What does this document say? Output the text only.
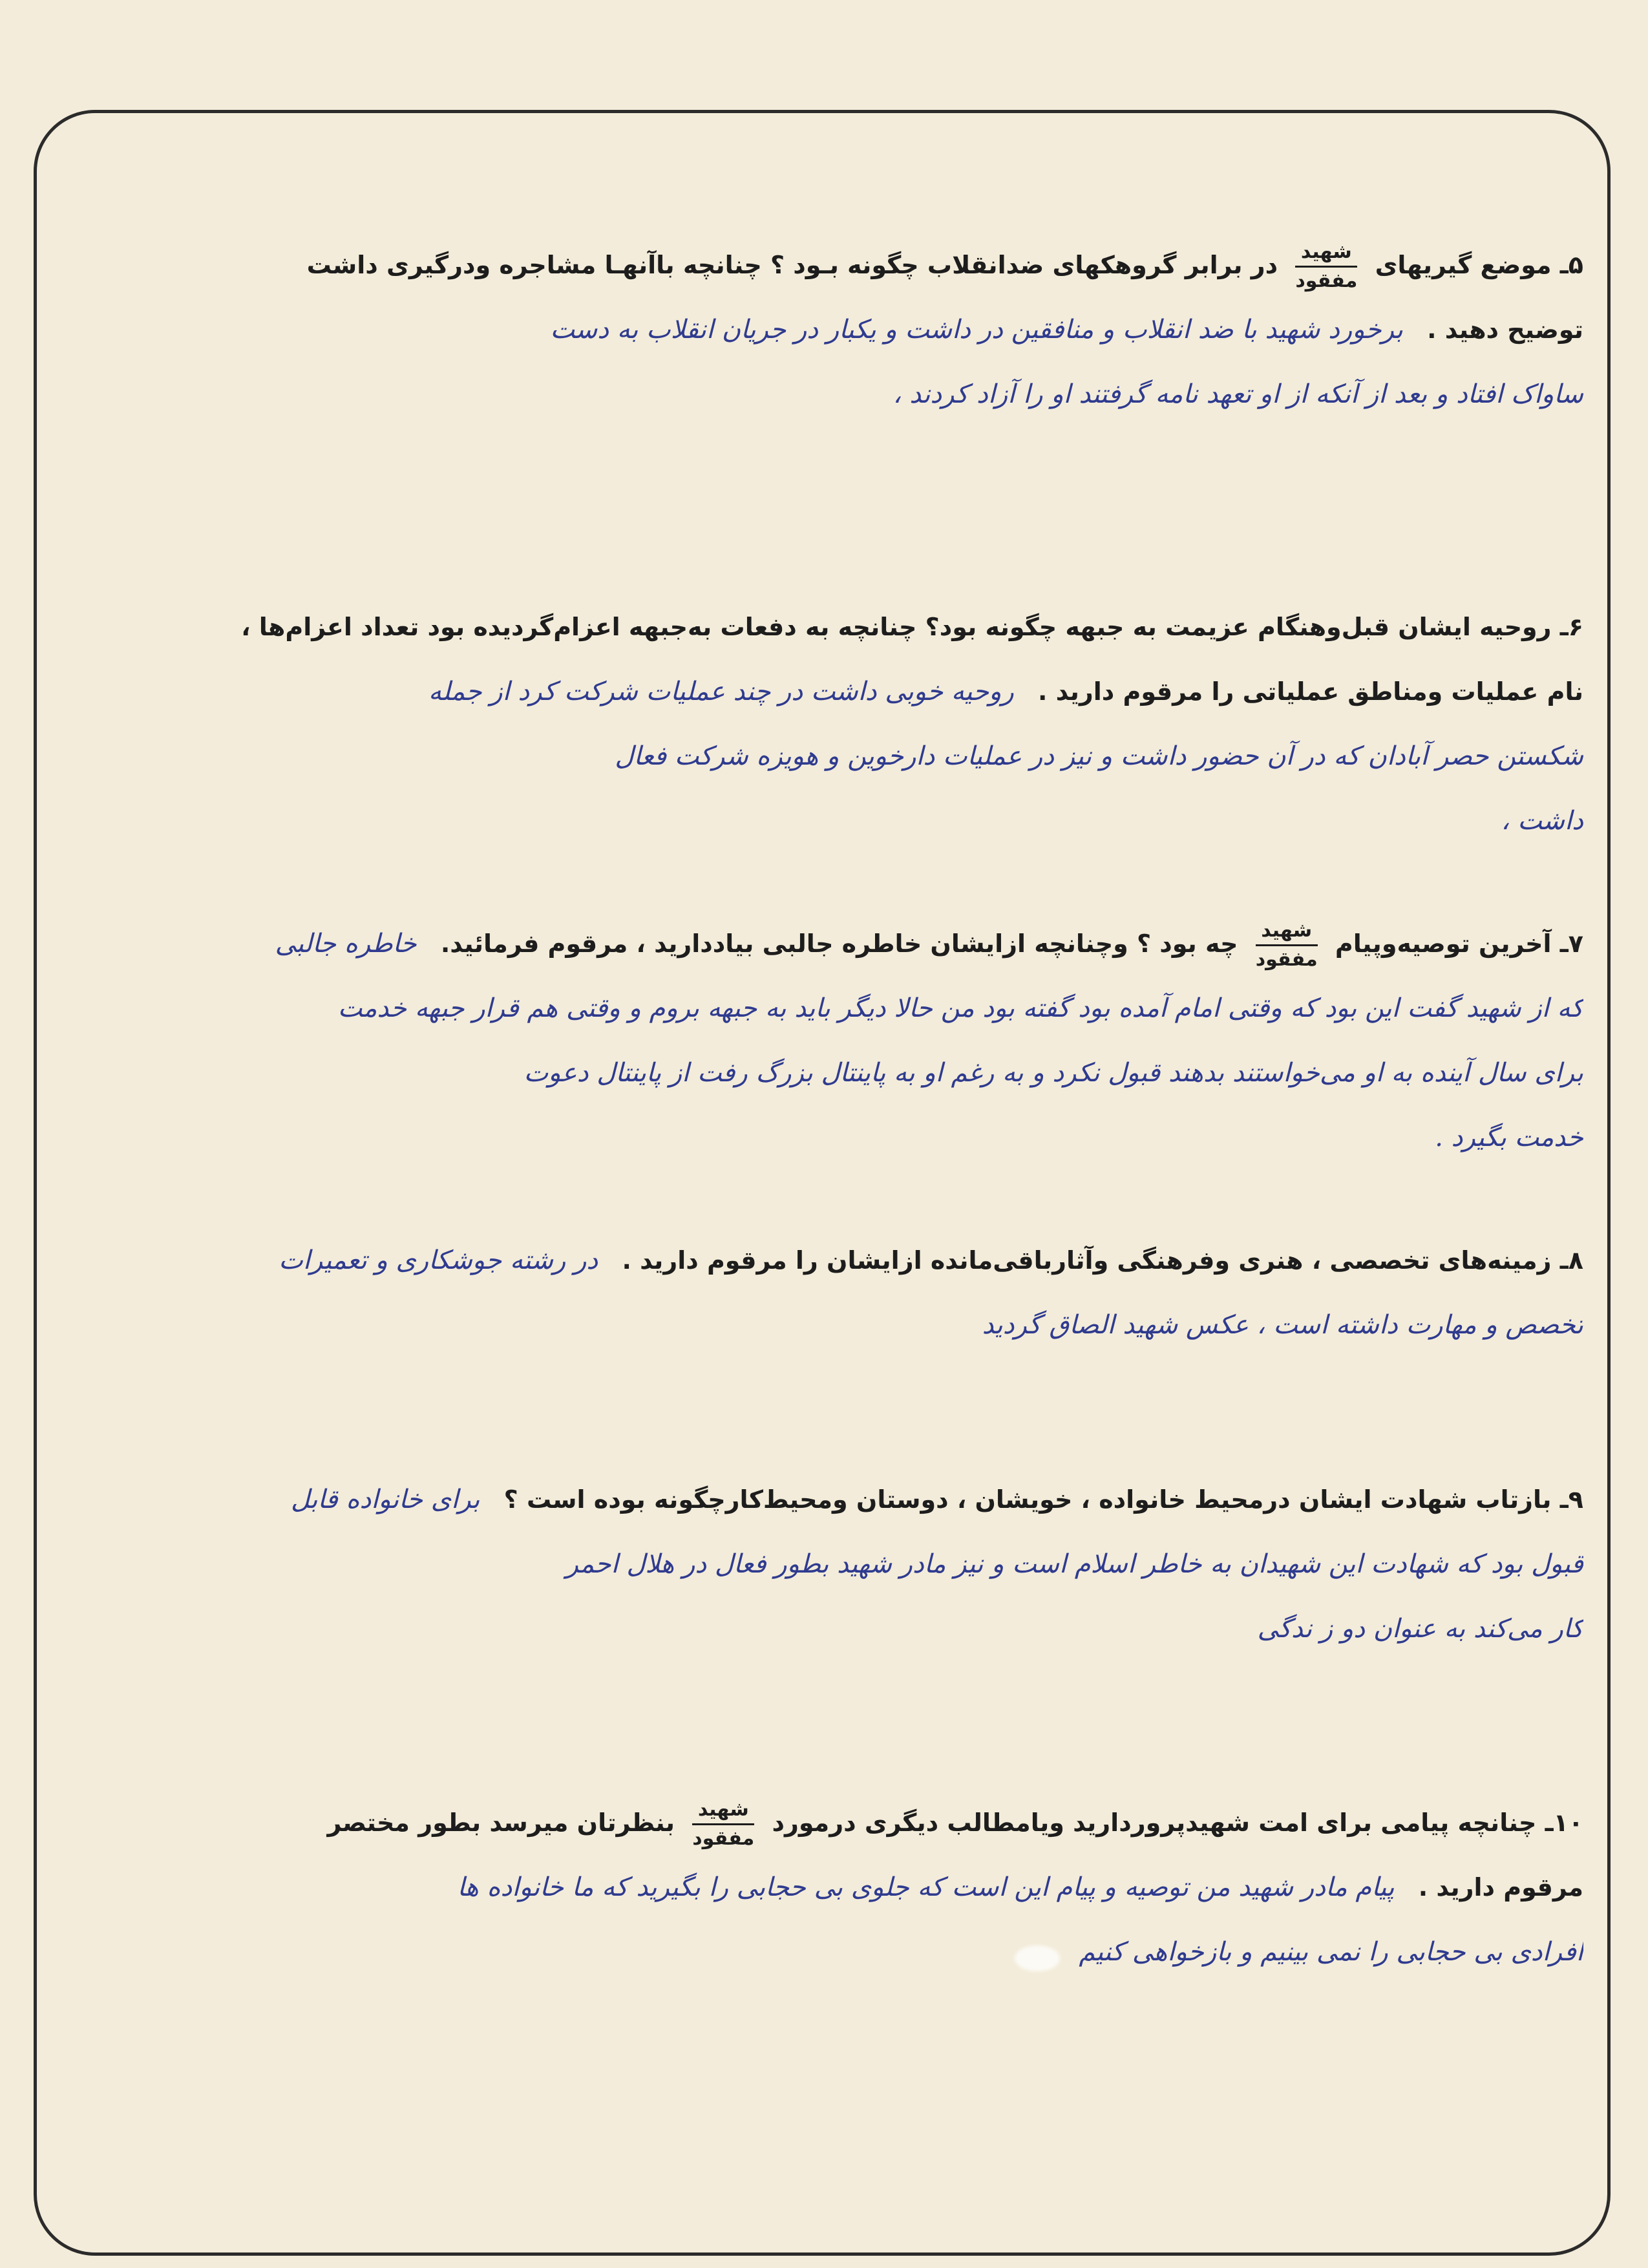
۵ـ موضع گیریهای
$\frac{\text{شهید}}{\text{مفقود}}$
در برابر گروهکهای ضدانقلاب چگونه بـود ؟ چنانچه باآنهـا مشاجره ودرگیری داشت
توضیح دهید . برخورد شهید با ضد انقلاب و منافقین در داشت و یکبار در جریان انقلاب به دست
ساواک افتاد و بعد از آنکه از او تعهد نامه گرفتند او را آزاد کردند ،
۶ـ روحیه ایشان قبل‌وهنگام عزیمت به جبهه چگونه بود؟ چنانچه به دفعات به‌جبهه اعزام‌گردیده بود تعداد اعزام‌ها ،
نام عملیات ومناطق عملیاتی را مرقوم دارید . روحیه خوبی داشت در چند عملیات شرکت کرد از جمله
شکستن حصر آبادان که در آن حضور داشت و نیز در عملیات دارخوین و هویزه شرکت فعال
داشت ،
۷ـ آخرین توصیه‌وپیام
$\frac{\text{شهید}}{\text{مفقود}}$
چه بود ؟ وچنانچه ازایشان خاطره جالبی بیاددارید ، مرقوم فرمائید. خاطره جالبی
که از شهید گفت این بود که وقتی امام آمده بود گفته بود من حالا دیگر باید به جبهه بروم و وقتی هم قرار جبهه خدمت
برای سال آینده به او می‌خواستند بدهند قبول نکرد و به رغم او به پاینتال بزرگ رفت از پاینتال دعوت
خدمت بگیرد .
۸ـ زمینه‌های تخصصی ، هنری وفرهنگی وآثارباقی‌مانده ازایشان را مرقوم دارید . در رشته جوشکاری و تعمیرات
تخصص و مهارت داشته است ، عکس شهید الصاق گردید
۹ـ بازتاب شهادت ایشان درمحیط خانواده ، خویشان ، دوستان ومحیط‌کارچگونه بوده است ؟ برای خانواده قابل
قبول بود که شهادت این شهیدان به خاطر اسلام است و نیز مادر شهید بطور فعال در هلال احمر
کار می‌کند به عنوان دو ز ندگی
۱۰ـ چنانچه پیامی برای امت شهیدپروردارید ویامطالب دیگری درمورد
$\frac{\text{شهید}}{\text{مفقود}}$
بنظرتان میرسد بطور مختصر
مرقوم دارید . پیام مادر شهید من توصیه و پیام این است که جلوی بی حجابی را بگیرید که ما خانواده ها
افرادی بی حجابی را نمی بینیم و بازخواهی کنیم
